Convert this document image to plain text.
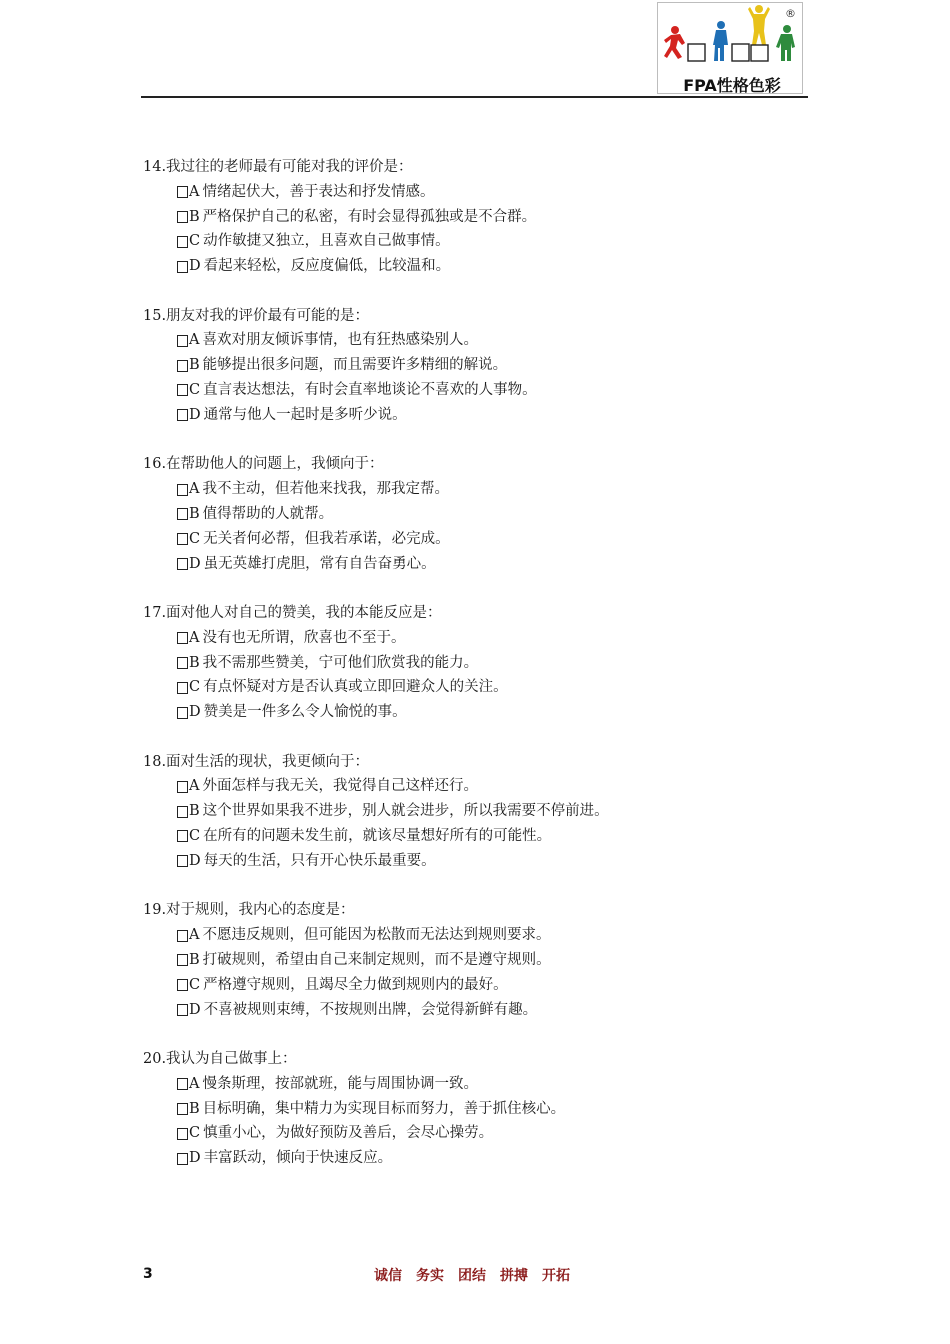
®
FPA性格色彩
14.我过往的老师最有可能对我的评价是：
A 情绪起伏大，善于表达和抒发情感。
B 严格保护自己的私密，有时会显得孤独或是不合群。
C 动作敏捷又独立，且喜欢自己做事情。
D 看起来轻松，反应度偏低，比较温和。
15.朋友对我的评价最有可能的是：
A 喜欢对朋友倾诉事情，也有狂热感染别人。
B 能够提出很多问题，而且需要许多精细的解说。
C 直言表达想法，有时会直率地谈论不喜欢的人事物。
D 通常与他人一起时是多听少说。
16.在帮助他人的问题上，我倾向于：
A 我不主动，但若他来找我，那我定帮。
B 值得帮助的人就帮。
C 无关者何必帮，但我若承诺，必完成。
D 虽无英雄打虎胆，常有自告奋勇心。
17.面对他人对自己的赞美，我的本能反应是：
A 没有也无所谓，欣喜也不至于。
B 我不需那些赞美，宁可他们欣赏我的能力。
C 有点怀疑对方是否认真或立即回避众人的关注。
D 赞美是一件多么令人愉悦的事。
18.面对生活的现状，我更倾向于：
A 外面怎样与我无关，我觉得自己这样还行。
B 这个世界如果我不进步，别人就会进步，所以我需要不停前进。
C 在所有的问题未发生前，就该尽量想好所有的可能性。
D 每天的生活，只有开心快乐最重要。
19.对于规则，我内心的态度是：
A 不愿违反规则，但可能因为松散而无法达到规则要求。
B 打破规则，希望由自己来制定规则，而不是遵守规则。
C 严格遵守规则，且竭尽全力做到规则内的最好。
D 不喜被规则束缚，不按规则出牌，会觉得新鲜有趣。
20.我认为自己做事上：
A 慢条斯理，按部就班，能与周围协调一致。
B 目标明确，集中精力为实现目标而努力，善于抓住核心。
C 慎重小心，为做好预防及善后，会尽心操劳。
D 丰富跃动，倾向于快速反应。
3	诚信 务实 团结 拼搏 开拓
